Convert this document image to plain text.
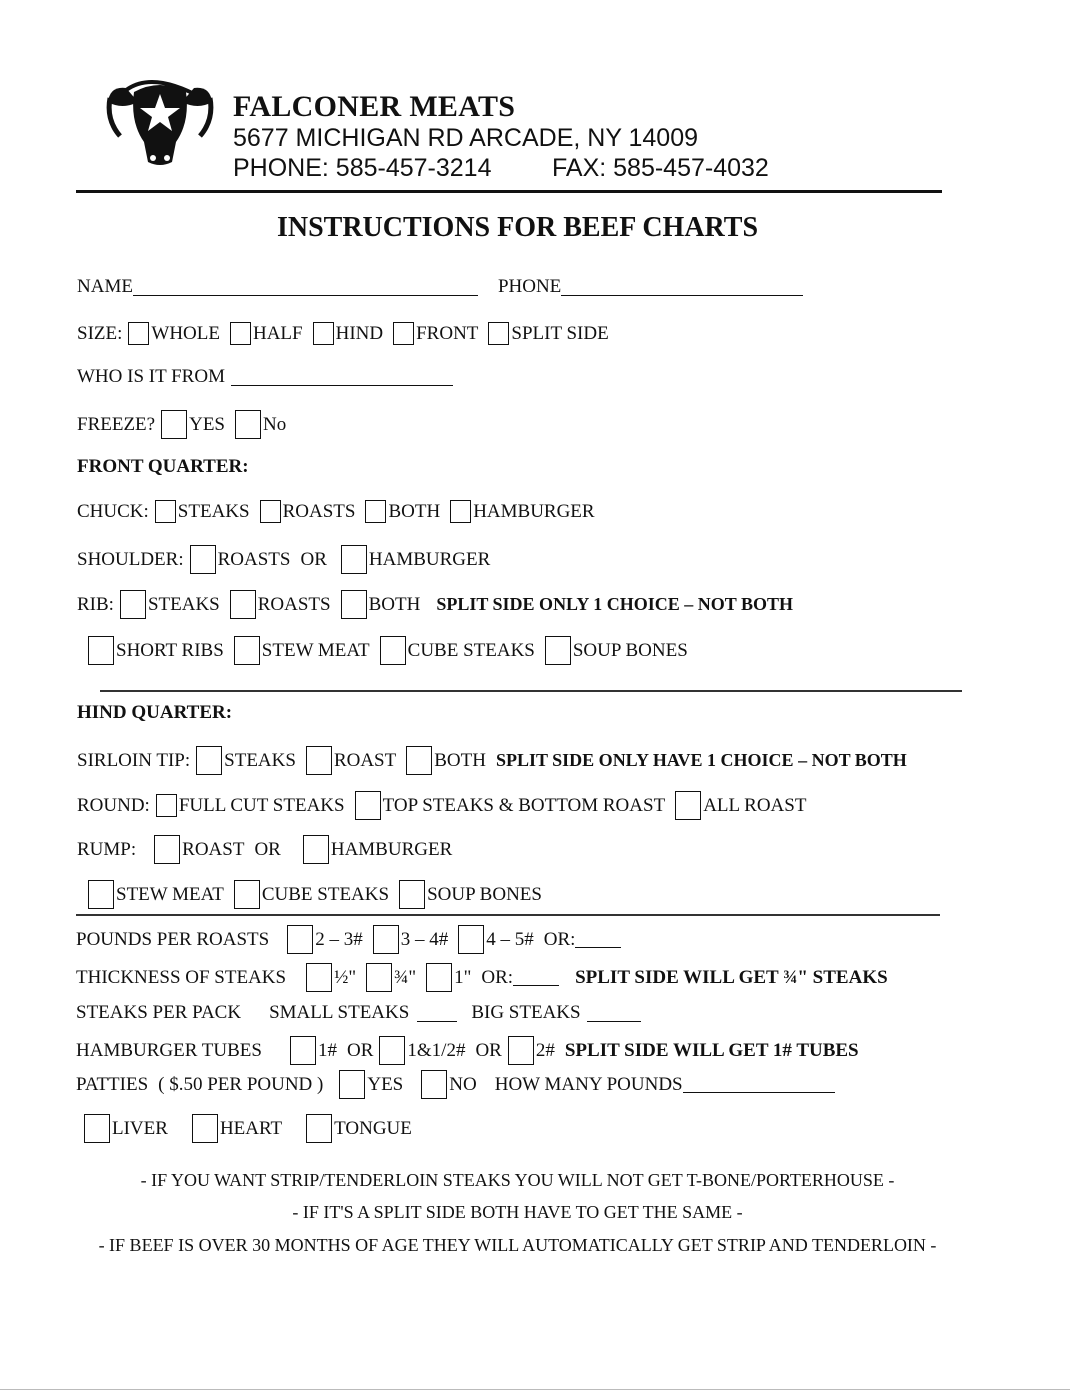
FALCONER MEATS
5677 MICHIGAN RD ARCADE, NY 14009
PHONE: 585-457-3214 FAX: 585-457-4032
INSTRUCTIONS FOR BEEF CHARTS
NAME	PHONE
SIZE: WHOLE HALF HIND FRONT SPLIT SIDE
WHO IS IT FROM
FREEZE? YES No
FRONT QUARTER:
CHUCK: STEAKS ROASTS BOTH HAMBURGER
SHOULDER: ROASTS OR HAMBURGER
RIB: STEAKS ROASTS BOTH SPLIT SIDE ONLY 1 CHOICE – NOT BOTH
SHORT RIBS STEW MEAT CUBE STEAKS SOUP BONES
HIND QUARTER:
SIRLOIN TIP: STEAKS ROAST BOTH SPLIT SIDE ONLY HAVE 1 CHOICE – NOT BOTH
ROUND: FULL CUT STEAKS TOP STEAKS & BOTTOM ROAST ALL ROAST
RUMP: ROAST OR	HAMBURGER
STEW MEAT CUBE STEAKS SOUP BONES
POUNDS PER ROASTS 2 – 3# 3 – 4# 4 – 5# OR:
THICKNESS OF STEAKS	½" ¾" 1" OR:	SPLIT SIDE WILL GET ¾" STEAKS
STEAKS PER PACK SMALL STEAKS	BIG STEAKS
HAMBURGER TUBES	1# OR 1&1/2# OR 2# SPLIT SIDE WILL GET 1# TUBES
PATTIES ( $.50 PER POUND ) YES NO HOW MANY POUNDS
LIVER	HEART	TONGUE
- IF YOU WANT STRIP/TENDERLOIN STEAKS YOU WILL NOT GET T-BONE/PORTERHOUSE -
- IF IT'S A SPLIT SIDE BOTH HAVE TO GET THE SAME -
- IF BEEF IS OVER 30 MONTHS OF AGE THEY WILL AUTOMATICALLY GET STRIP AND TENDERLOIN -
